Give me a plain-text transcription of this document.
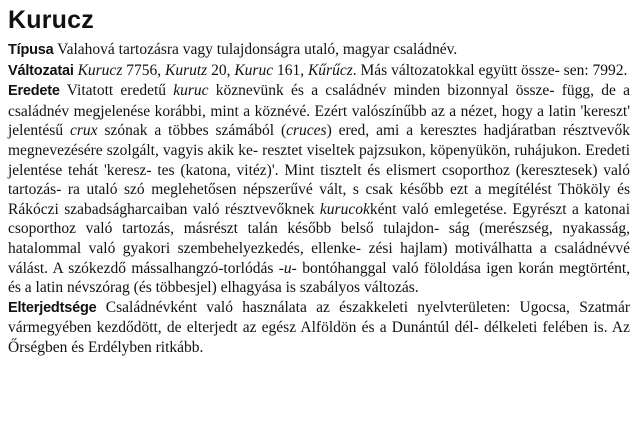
Kurucz

Típusa Valahová tartozásra vagy tulajdonságra utaló, magyar családnév.

Változatai Kurucz 7756, Kurutz 20, Kuruc 161, Kűrűcz. Más változatokkal együtt össze- sen: 7992.

Eredete Vitatott eredetű kuruc köznevünk és a családnév minden bizonnyal össze- függ, de a családnév megjelenése korábbi, mint a köznévé. Ezért valószínűbb az a nézet, hogy a latin 'kereszt' jelentésű crux szónak a többes számából (cruces) ered, ami a keresztes hadjáratban résztvevők megnevezésére szolgált, vagyis akik ke- resztet viseltek pajzsukon, köpenyükön, ruhájukon. Eredeti jelentése tehát 'keresz- tes (katona, vitéz)'. Mint tisztelt és elismert csoporthoz (keresztesek) való tartozás- ra utaló szó meglehetősen népszerűvé vált, s csak később ezt a megítélést Thököly és Rákóczi szabadságharcaiban való résztvevőknek kurucokként való emlegetése. Egyrészt a katonai csoporthoz való tartozás, másrészt talán később belső tulajdon- ság (merészség, nyakasság, hatalommal való gyakori szembehelyezkedés, ellenke- zési hajlam) motiválhatta a családnévvé válást. A szókezdő mássalhangzó-torlódás -u- bontóhanggal való föloldása igen korán megtörtént, és a latin névszórag (és többesjel) elhagyása is szabályos változás.

Elterjedtsége Családnévként való használata az északkeleti nyelvterületen: Ugocsa, Szatmár vármegyében kezdődött, de elterjedt az egész Alföldön és a Dunántúl dél- délkeleti felében is. Az Őrségben és Erdélyben ritkább.
